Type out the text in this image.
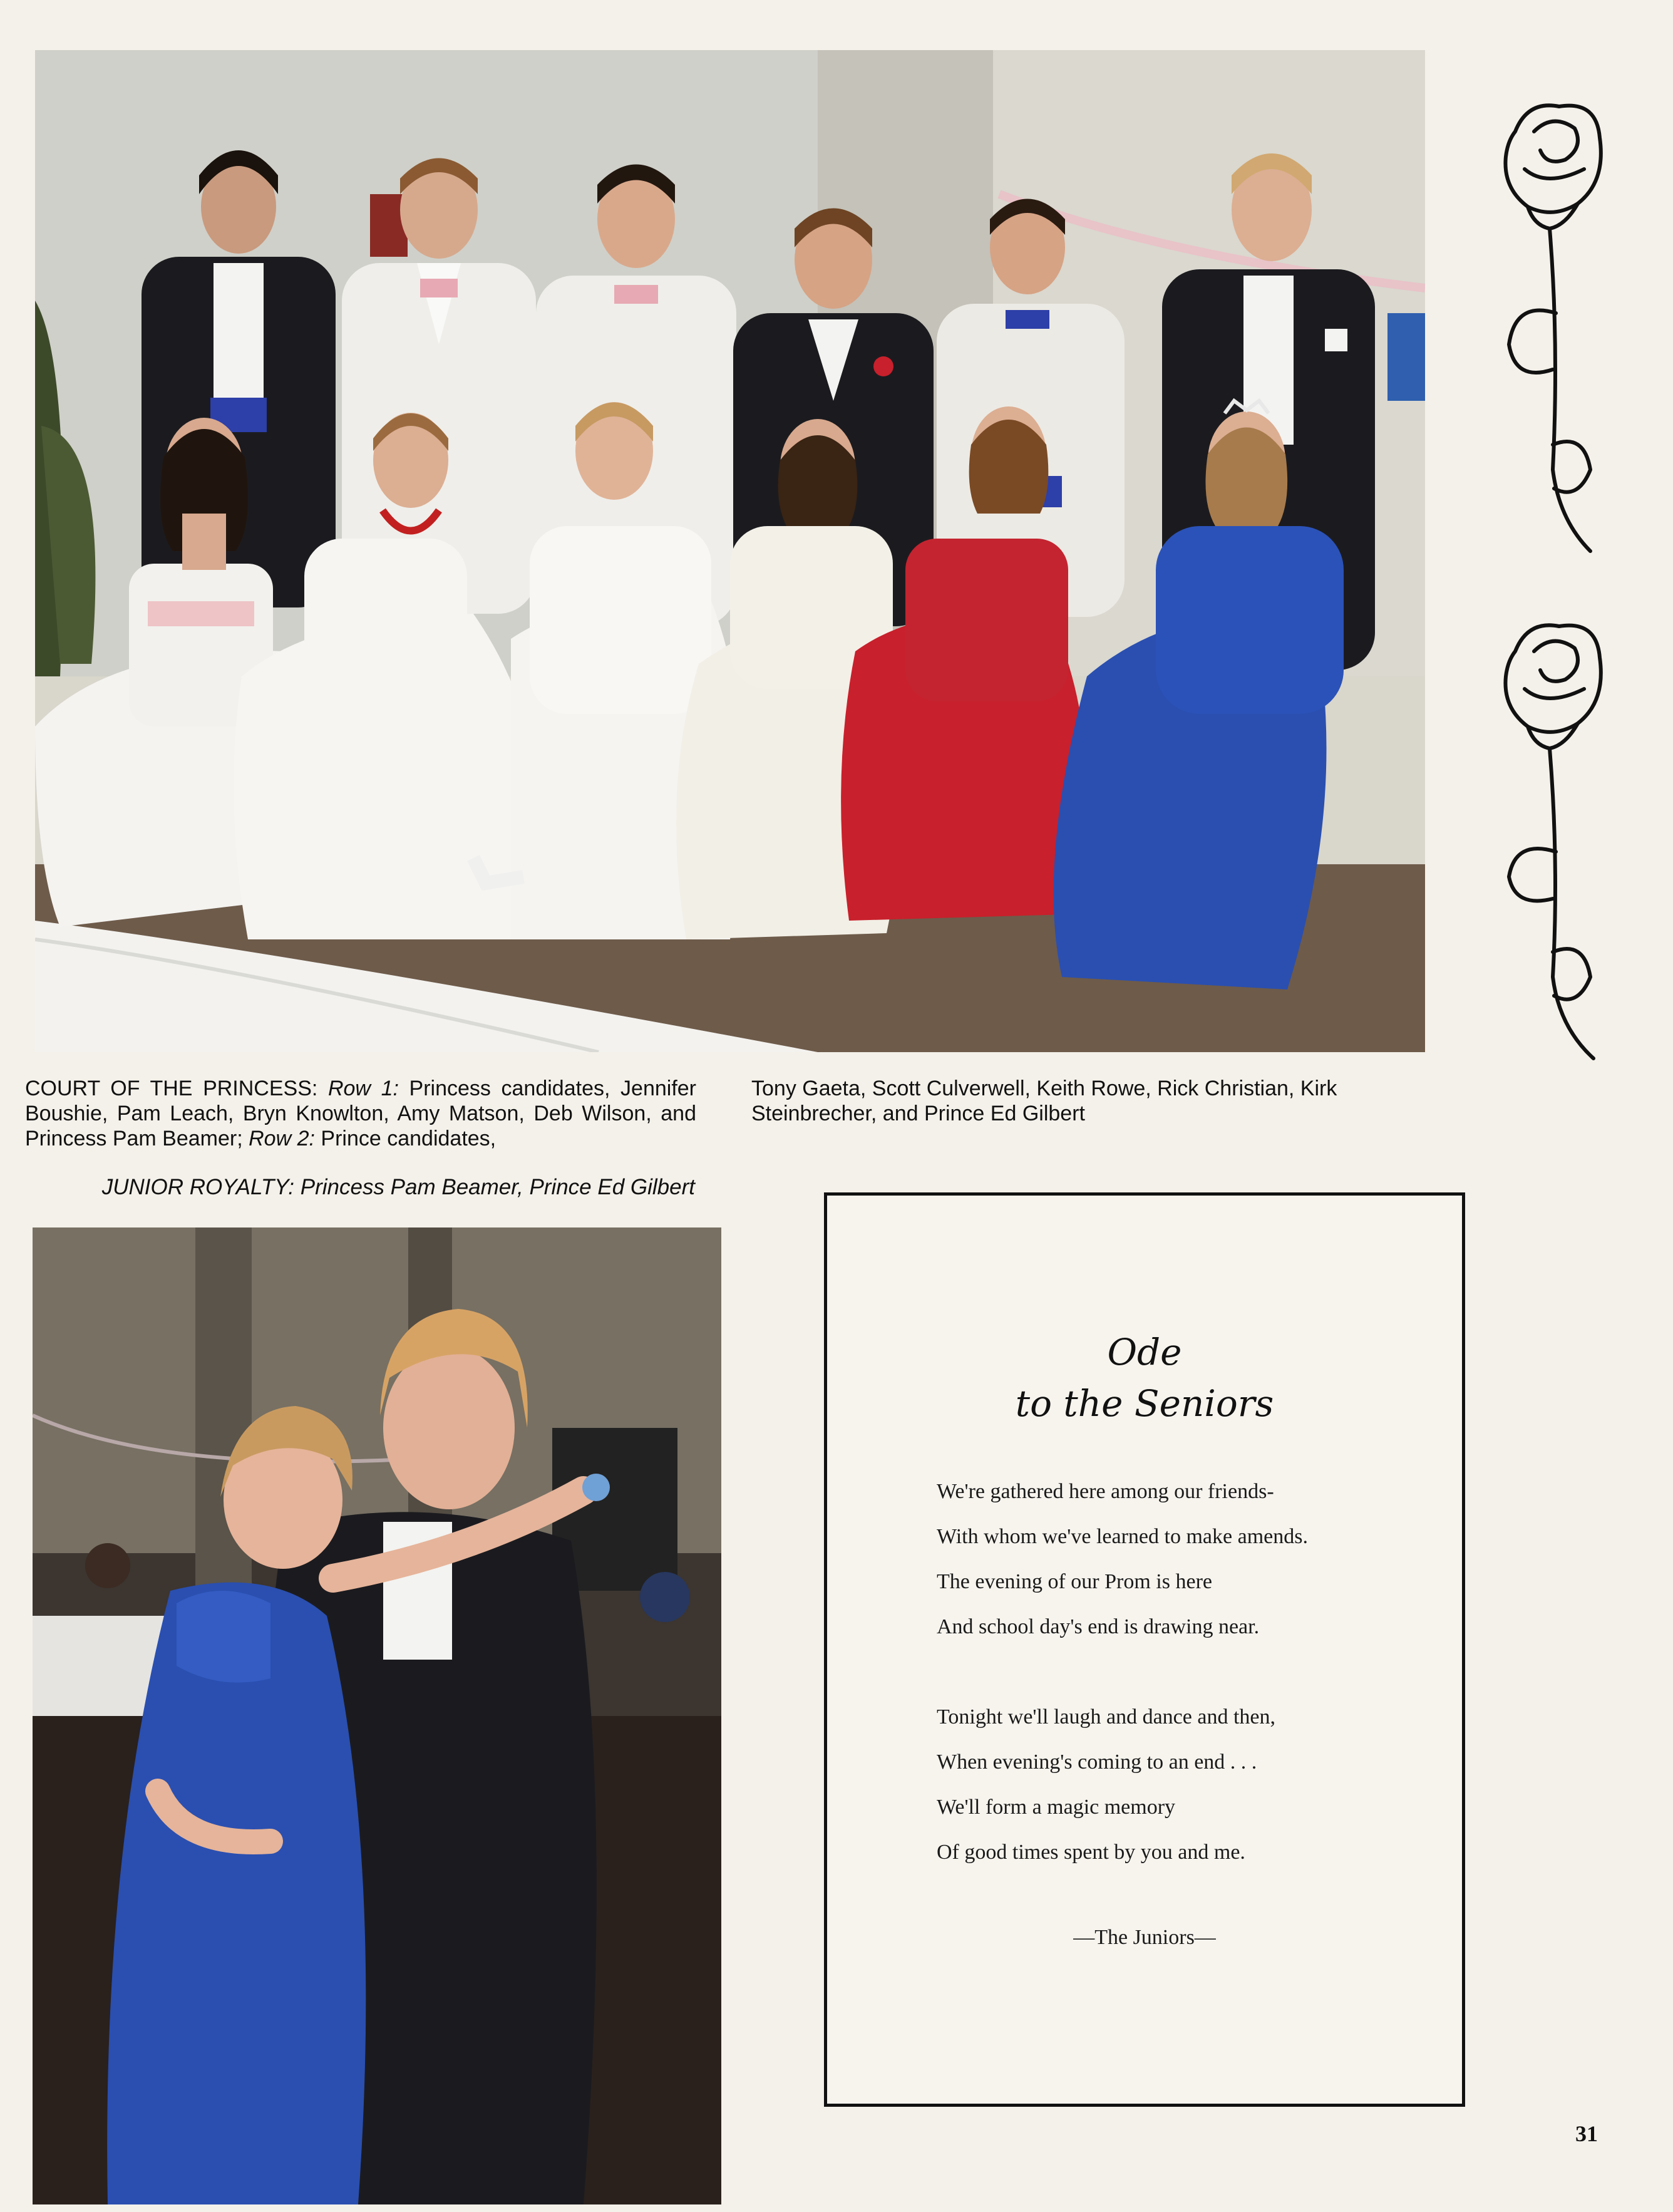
COURT OF THE PRINCESS: Row 1: Princess candidates, Jennifer Boushie, Pam Leach, Bryn Knowlton, Amy Matson, Deb Wilson, and Princess Pam Beamer; Row 2: Prince candidates,
Tony Gaeta, Scott Culverwell, Keith Rowe, Rick Christian, Kirk Steinbrecher, and Prince Ed Gilbert
JUNIOR ROYALTY: Princess Pam Beamer, Prince Ed Gilbert
Ode
to the Seniors
We're gathered here among our friends-
With whom we've learned to make amends.
The evening of our Prom is here
And school day's end is drawing near.
Tonight we'll laugh and dance and then,
When evening's coming to an end . . .
We'll form a magic memory
Of good times spent by you and me.
—The Juniors—
31
